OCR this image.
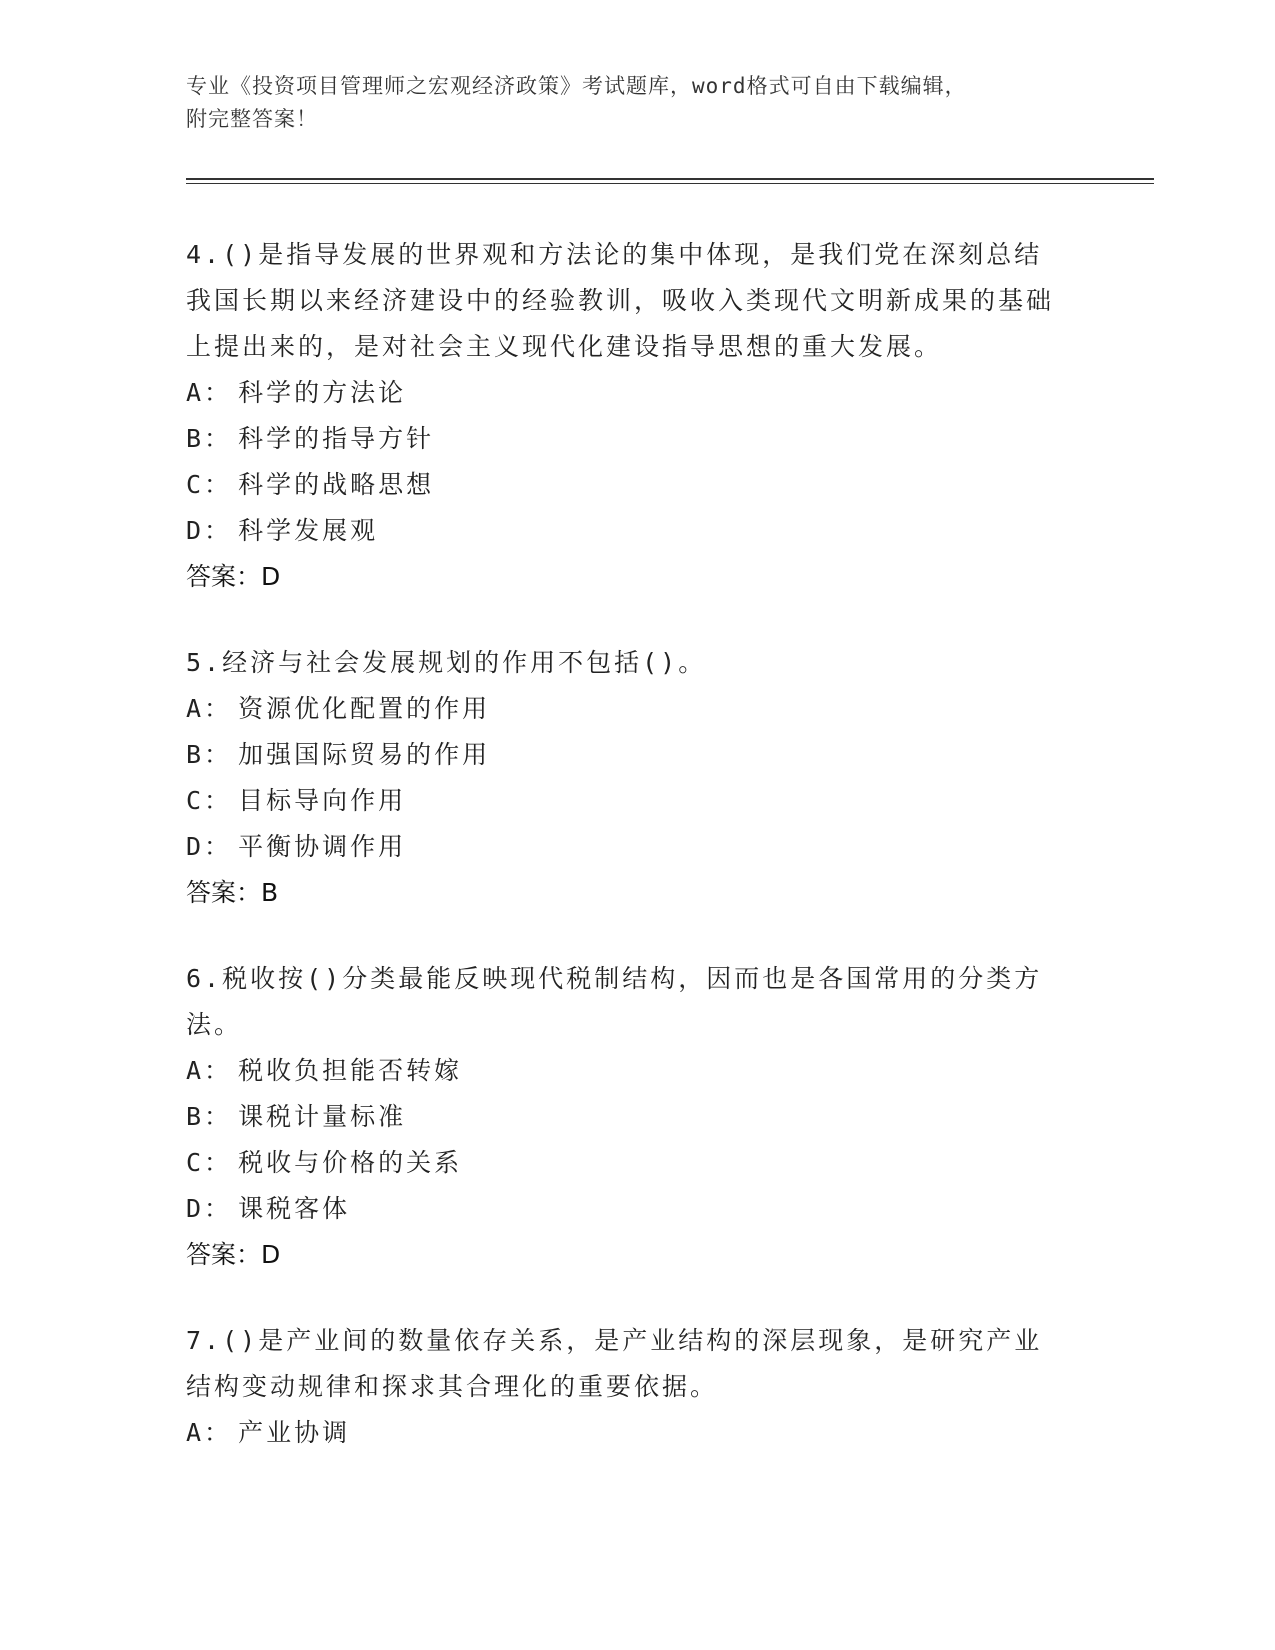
专业《投资项目管理师之宏观经济政策》考试题库，word格式可自由下载编辑，
附完整答案！
4.()是指导发展的世界观和方法论的集中体现，是我们党在深刻总结我国长期以来经济建设中的经验教训，吸收入类现代文明新成果的基础上提出来的，是对社会主义现代化建设指导思想的重大发展。
A： 科学的方法论
B： 科学的指导方针
C： 科学的战略思想
D： 科学发展观
答案：D
5.经济与社会发展规划的作用不包括()。
A： 资源优化配置的作用
B： 加强国际贸易的作用
C： 目标导向作用
D： 平衡协调作用
答案：B
6.税收按()分类最能反映现代税制结构，因而也是各国常用的分类方法。
A： 税收负担能否转嫁
B： 课税计量标准
C： 税收与价格的关系
D： 课税客体
答案：D
7.()是产业间的数量依存关系，是产业结构的深层现象，是研究产业结构变动规律和探求其合理化的重要依据。
A： 产业协调
